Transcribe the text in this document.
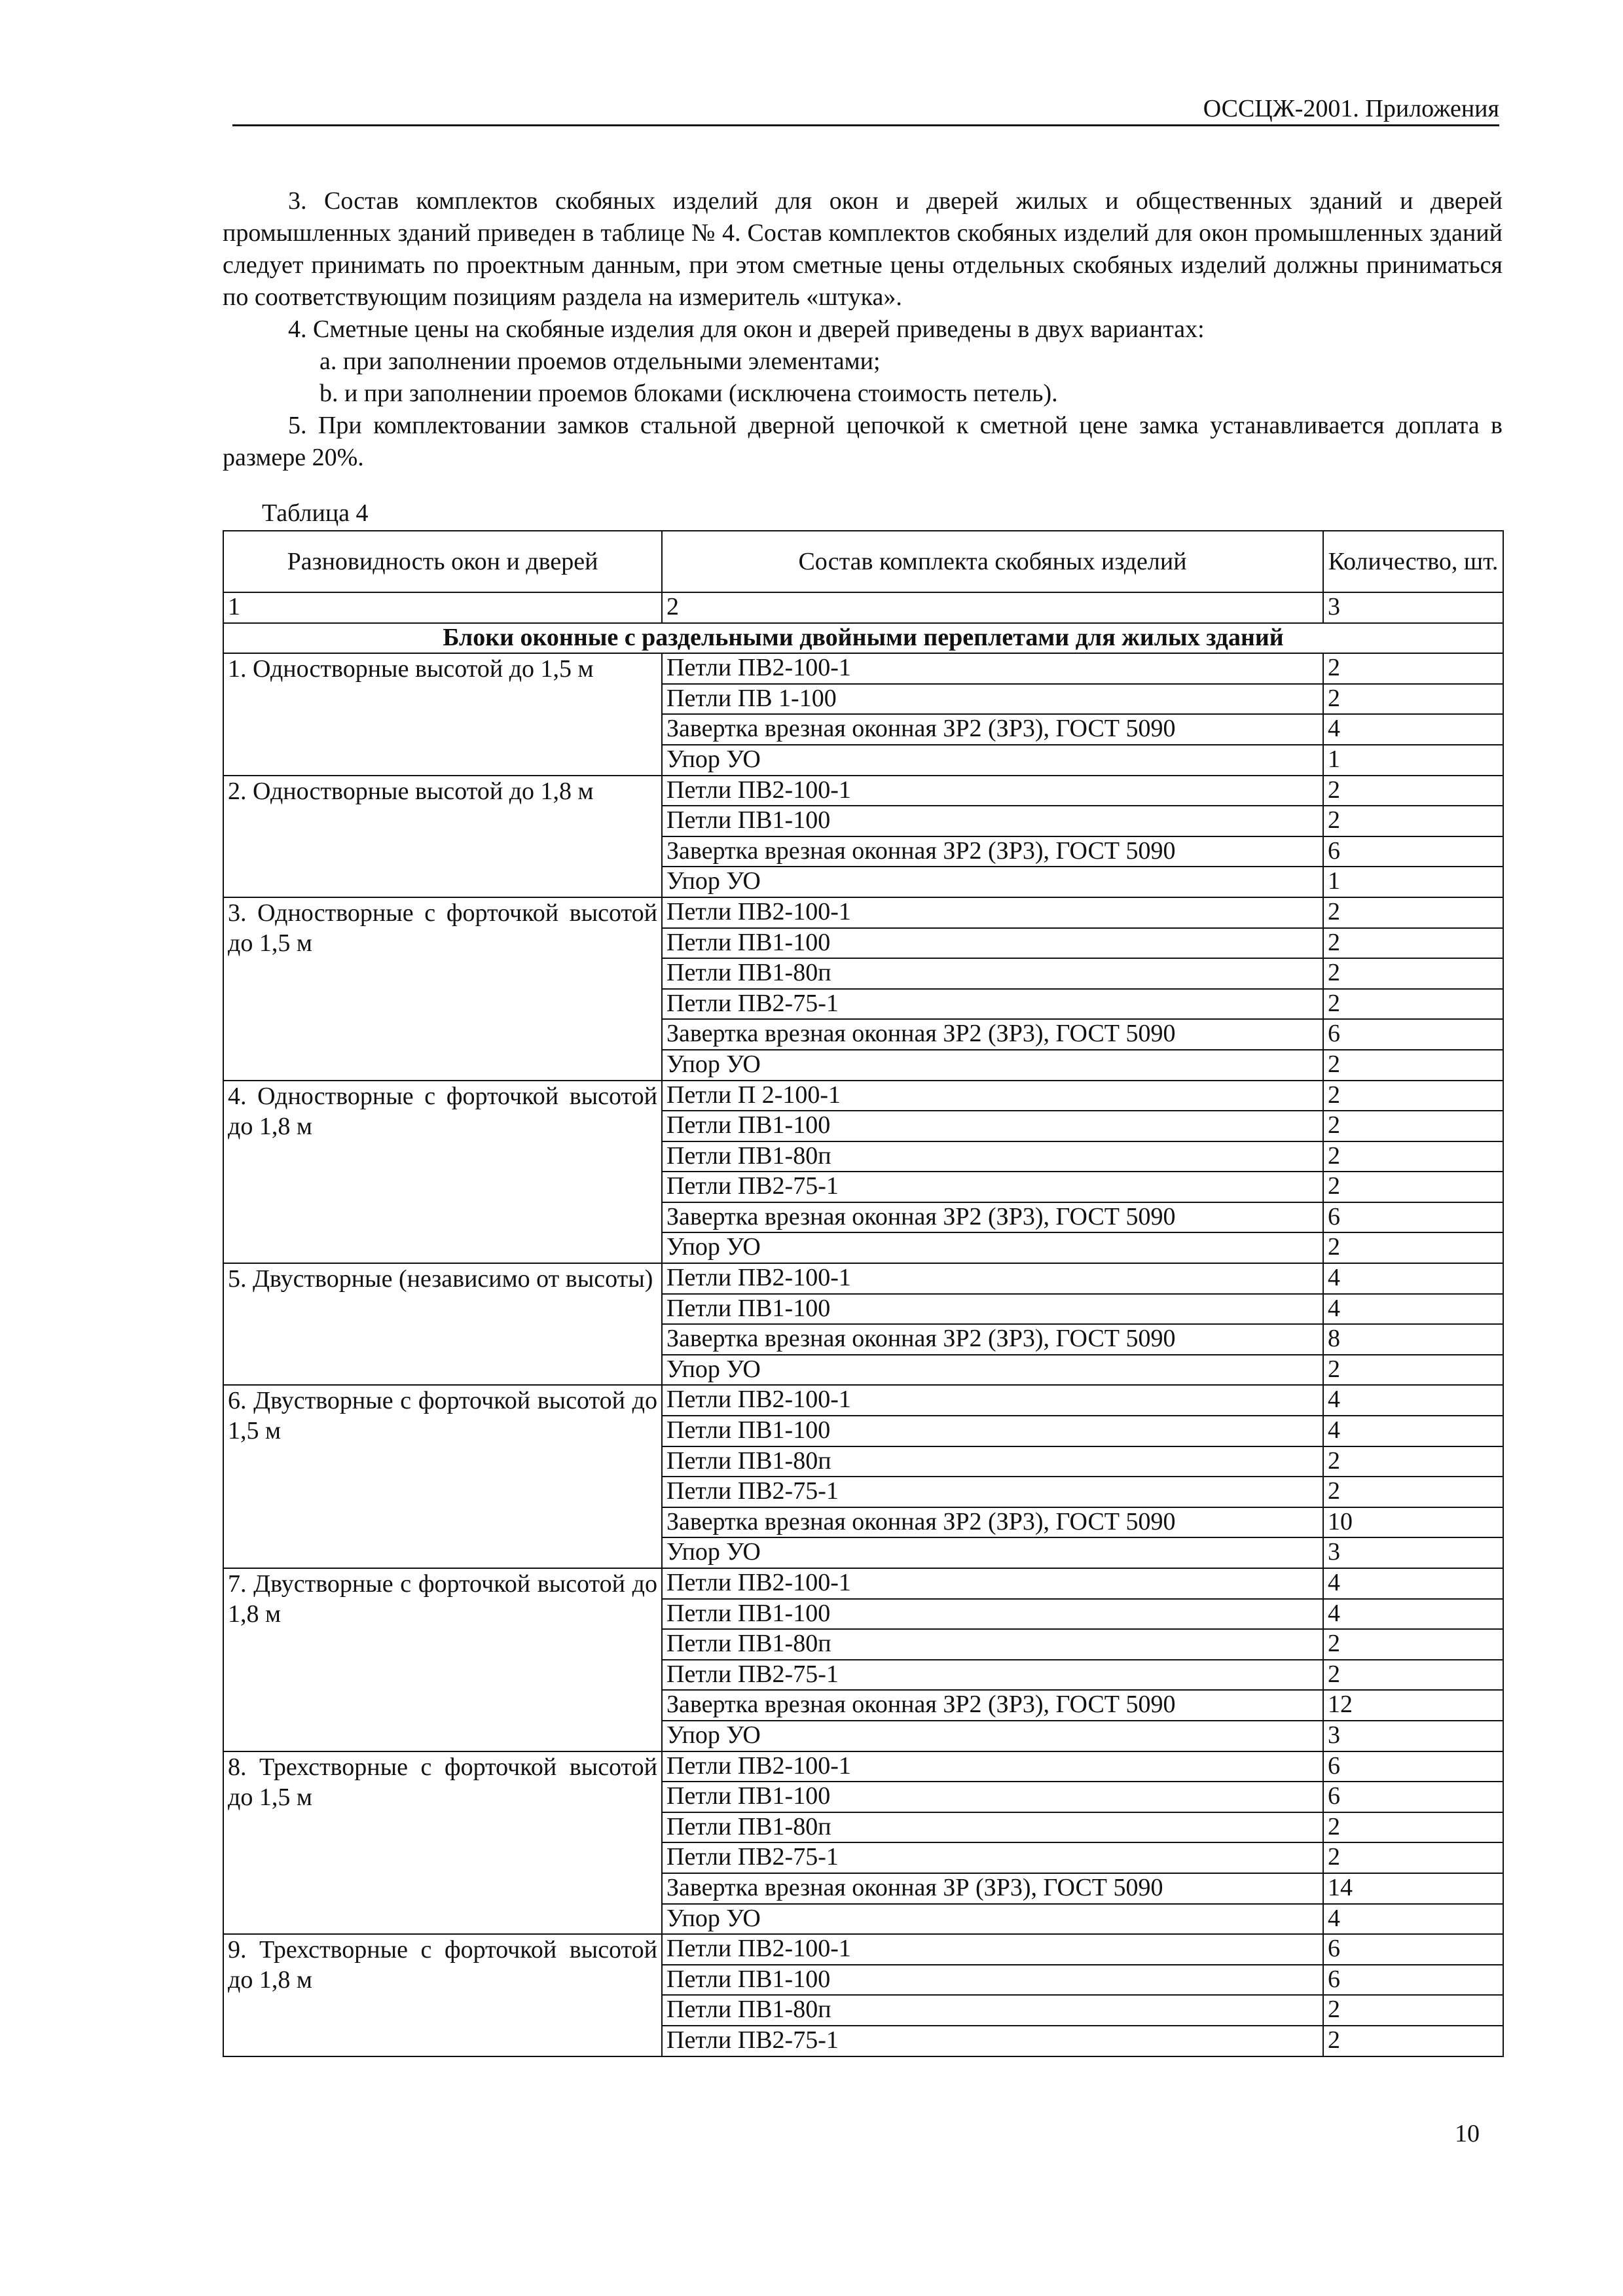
ОССЦЖ-2001. Приложения

3. Состав комплектов скобяных изделий для окон и дверей жилых и общественных зданий и дверей промышленных зданий приведен в таблице № 4. Состав комплектов скобяных изделий для окон промышленных зданий следует принимать по проектным данным, при этом сметные цены отдельных скобяных изделий должны приниматься по соответствующим позициям раздела на измеритель «штука».

4. Сметные цены на скобяные изделия для окон и дверей приведены в двух вариантах:

a. при заполнении проемов отдельными элементами;

b. и при заполнении проемов блоками (исключена стоимость петель).

5. При комплектовании замков стальной дверной цепочкой к сметной цене замка устанавливается доплата в размере 20%.

Таблица 4
Разновидность окон и дверей	Состав комплекта скобяных изделий	Количество, шт.
1	2	3
Блоки оконные с раздельными двойными переплетами для жилых зданий		
1. Одностворные высотой до 1,5 м	Петли ПВ2-100-1	2
	Петли ПВ 1-100	2
	Завертка врезная оконная ЗР2 (ЗР3), ГОСТ 5090	4
	Упор УО	1
2. Одностворные высотой до 1,8 м	Петли ПВ2-100-1	2
	Петли ПВ1-100	2
	Завертка врезная оконная ЗР2 (ЗР3), ГОСТ 5090	6
	Упор УО	1
3. Одностворные с форточкой высотой до 1,5 м	Петли ПВ2-100-1	2
	Петли ПВ1-100	2
	Петли ПВ1-80п	2
	Петли ПВ2-75-1	2
	Завертка врезная оконная ЗР2 (ЗР3), ГОСТ 5090	6
	Упор УО	2
4. Одностворные с форточкой высотой до 1,8 м	Петли П 2-100-1	2
	Петли ПВ1-100	2
	Петли ПВ1-80п	2
	Петли ПВ2-75-1	2
	Завертка врезная оконная ЗР2 (ЗР3), ГОСТ 5090	6
	Упор УО	2
5. Двустворные (независимо от высоты)	Петли ПВ2-100-1	4
	Петли ПВ1-100	4
	Завертка врезная оконная ЗР2 (ЗР3), ГОСТ 5090	8
	Упор УО	2
6. Двустворные с форточкой высотой до 1,5 м	Петли ПВ2-100-1	4
	Петли ПВ1-100	4
	Петли ПВ1-80п	2
	Петли ПВ2-75-1	2
	Завертка врезная оконная ЗР2 (ЗР3), ГОСТ 5090	10
	Упор УО	3
7. Двустворные с форточкой высотой до 1,8 м	Петли ПВ2-100-1	4
	Петли ПВ1-100	4
	Петли ПВ1-80п	2
	Петли ПВ2-75-1	2
	Завертка врезная оконная ЗР2 (ЗР3), ГОСТ 5090	12
	Упор УО	3
8. Трехстворные с форточкой высотой до 1,5 м	Петли ПВ2-100-1	6
	Петли ПВ1-100	6
	Петли ПВ1-80п	2
	Петли ПВ2-75-1	2
	Завертка врезная оконная ЗР (ЗР3), ГОСТ 5090	14
	Упор УО	4
9. Трехстворные с форточкой высотой до 1,8 м	Петли ПВ2-100-1	6
	Петли ПВ1-100	6
	Петли ПВ1-80п	2
	Петли ПВ2-75-1	2
10
